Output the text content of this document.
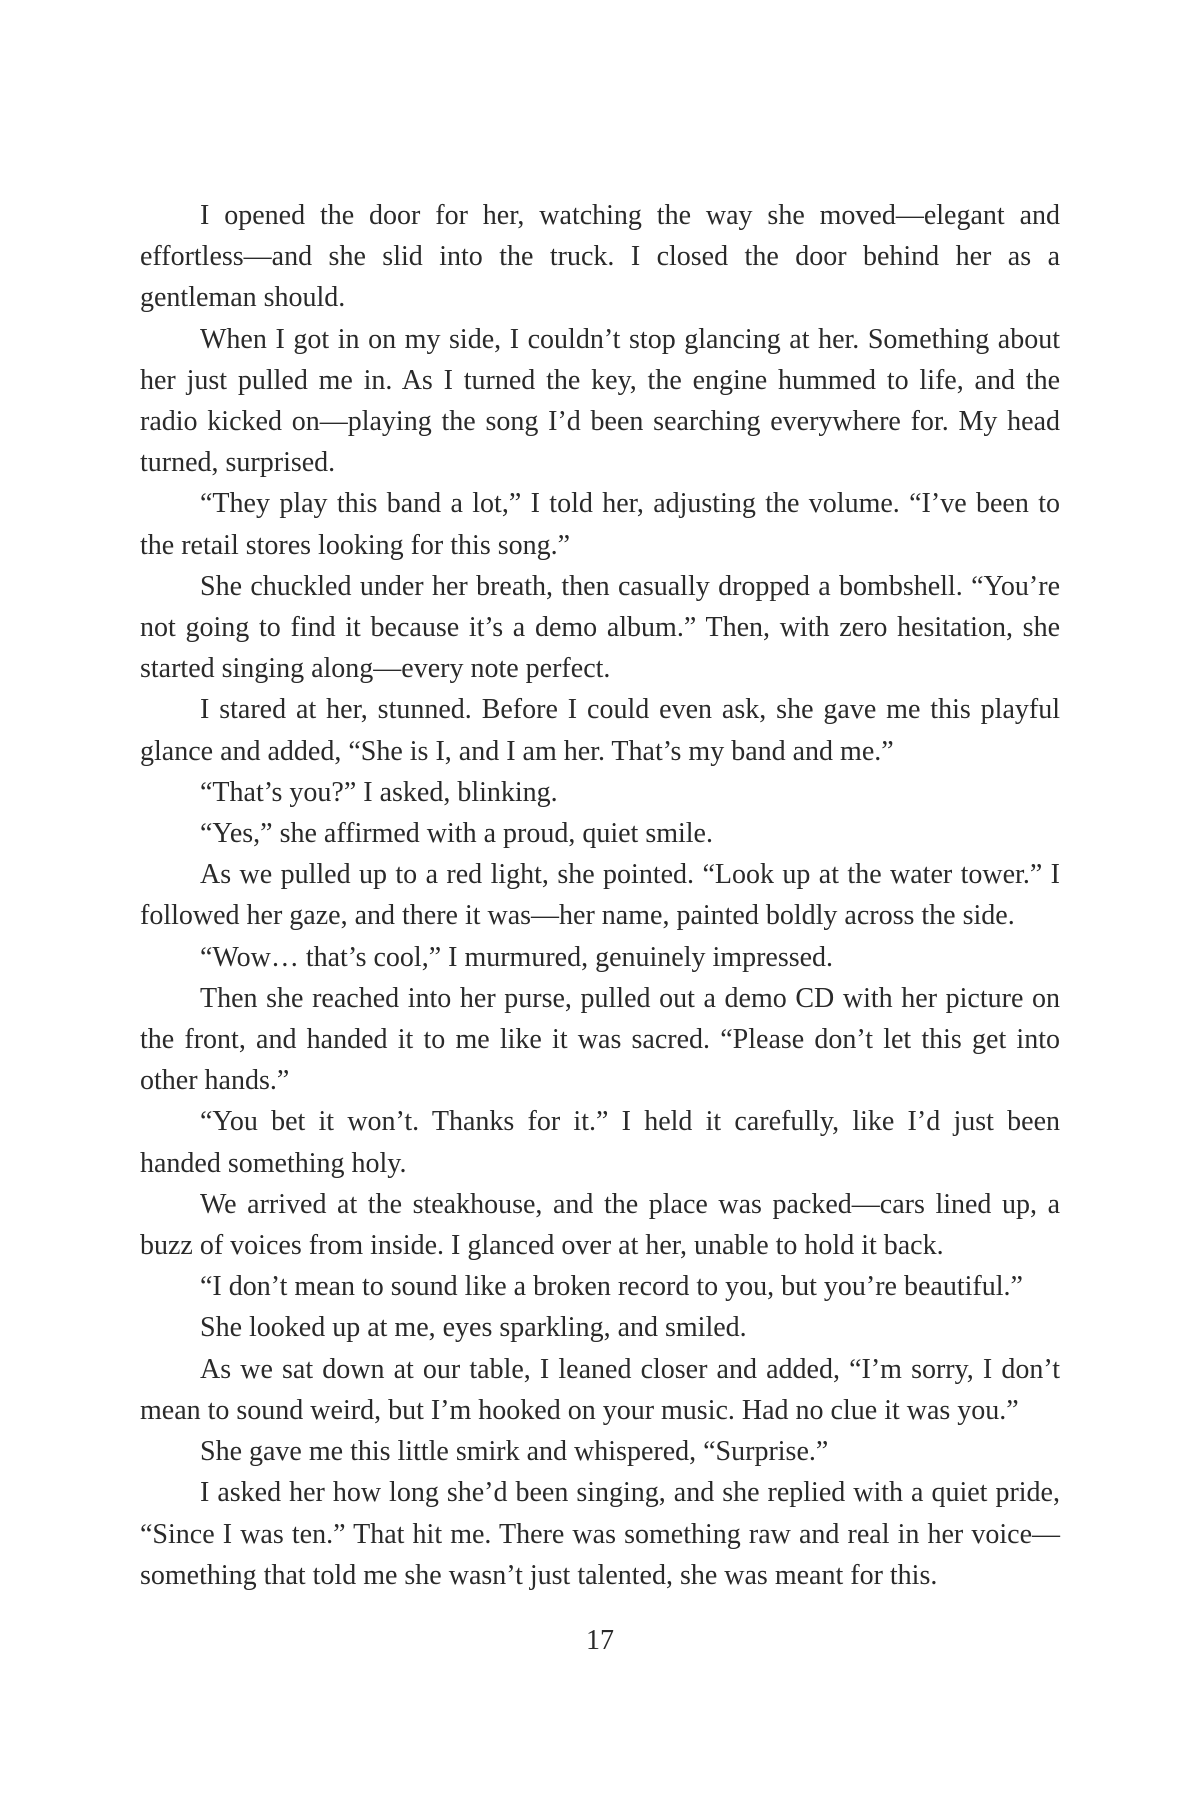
I opened the door for her, watching the way she moved—elegant and effortless—and she slid into the truck. I closed the door behind her as a gentleman should.

When I got in on my side, I couldn’t stop glancing at her. Something about her just pulled me in. As I turned the key, the engine hummed to life, and the radio kicked on—playing the song I’d been searching everywhere for. My head turned, surprised.

“They play this band a lot,” I told her, adjusting the volume. “I’ve been to the retail stores looking for this song.”

She chuckled under her breath, then casually dropped a bombshell. “You’re not going to find it because it’s a demo album.” Then, with zero hesitation, she started singing along—every note perfect.

I stared at her, stunned. Before I could even ask, she gave me this playful glance and added, “She is I, and I am her. That’s my band and me.”

“That’s you?” I asked, blinking.

“Yes,” she affirmed with a proud, quiet smile.

As we pulled up to a red light, she pointed. “Look up at the water tower.” I followed her gaze, and there it was—her name, painted boldly across the side.

“Wow… that’s cool,” I murmured, genuinely impressed.

Then she reached into her purse, pulled out a demo CD with her picture on the front, and handed it to me like it was sacred. “Please don’t let this get into other hands.”

“You bet it won’t. Thanks for it.” I held it carefully, like I’d just been handed something holy.

We arrived at the steakhouse, and the place was packed—cars lined up, a buzz of voices from inside. I glanced over at her, unable to hold it back.

“I don’t mean to sound like a broken record to you, but you’re beautiful.”

She looked up at me, eyes sparkling, and smiled.

As we sat down at our table, I leaned closer and added, “I’m sorry, I don’t mean to sound weird, but I’m hooked on your music. Had no clue it was you.”

She gave me this little smirk and whispered, “Surprise.”

I asked her how long she’d been singing, and she replied with a quiet pride, “Since I was ten.” That hit me. There was something raw and real in her voice—something that told me she wasn’t just talented, she was meant for this.

17
